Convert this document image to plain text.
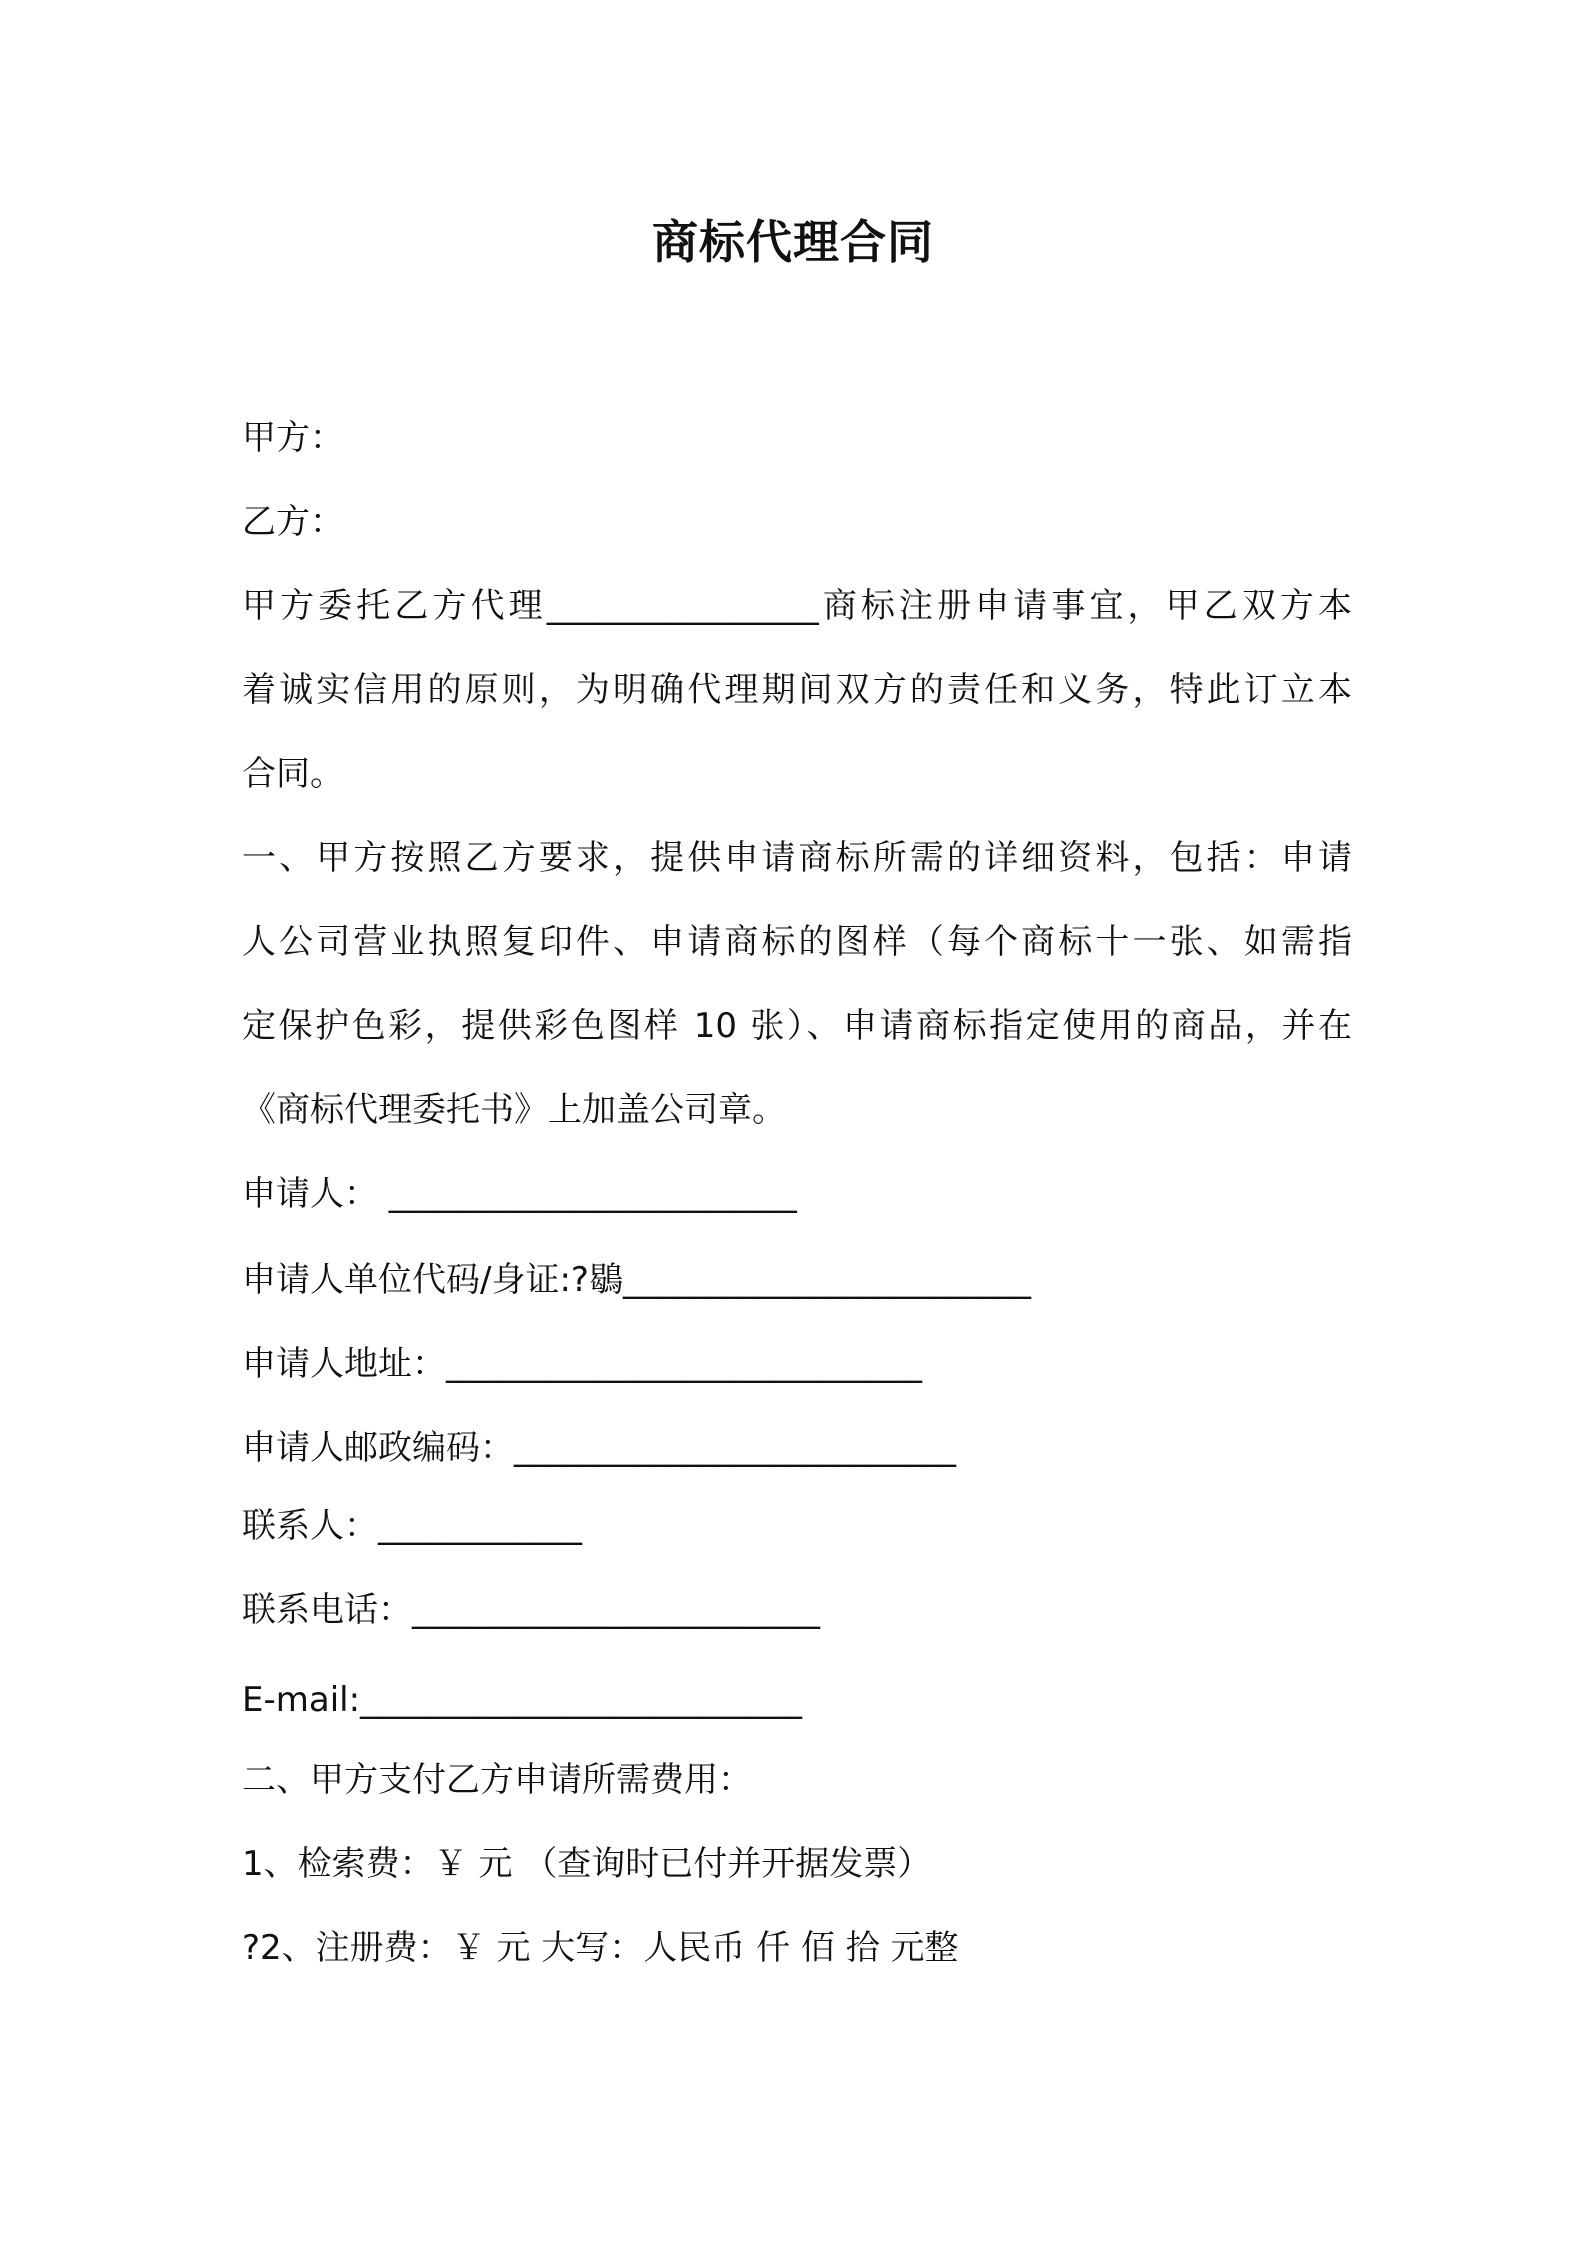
商标代理合同
甲方：
乙方：
甲方委托乙方代理________________商标注册申请事宜，甲乙双方本
着诚实信用的原则，为明确代理期间双方的责任和义务，特此订立本
合同。
一、甲方按照乙方要求，提供申请商标所需的详细资料，包括：申请
人公司营业执照复印件、申请商标的图样（每个商标十一张、如需指
定保护色彩，提供彩色图样 10 张）、申请商标指定使用的商品，并在
《商标代理委托书》上加盖公司章。
申请人： ________________________
申请人单位代码/身证:?鶡________________________
申请人地址：____________________________
申请人邮政编码：__________________________
联系人：____________
联系电话：________________________
E-mail:__________________________
二、甲方支付乙方申请所需费用：
1、检索费：￥ 元 （查询时已付并开据发票）
?2、注册费：￥ 元 大写：人民币 仟 佰 拾 元整
